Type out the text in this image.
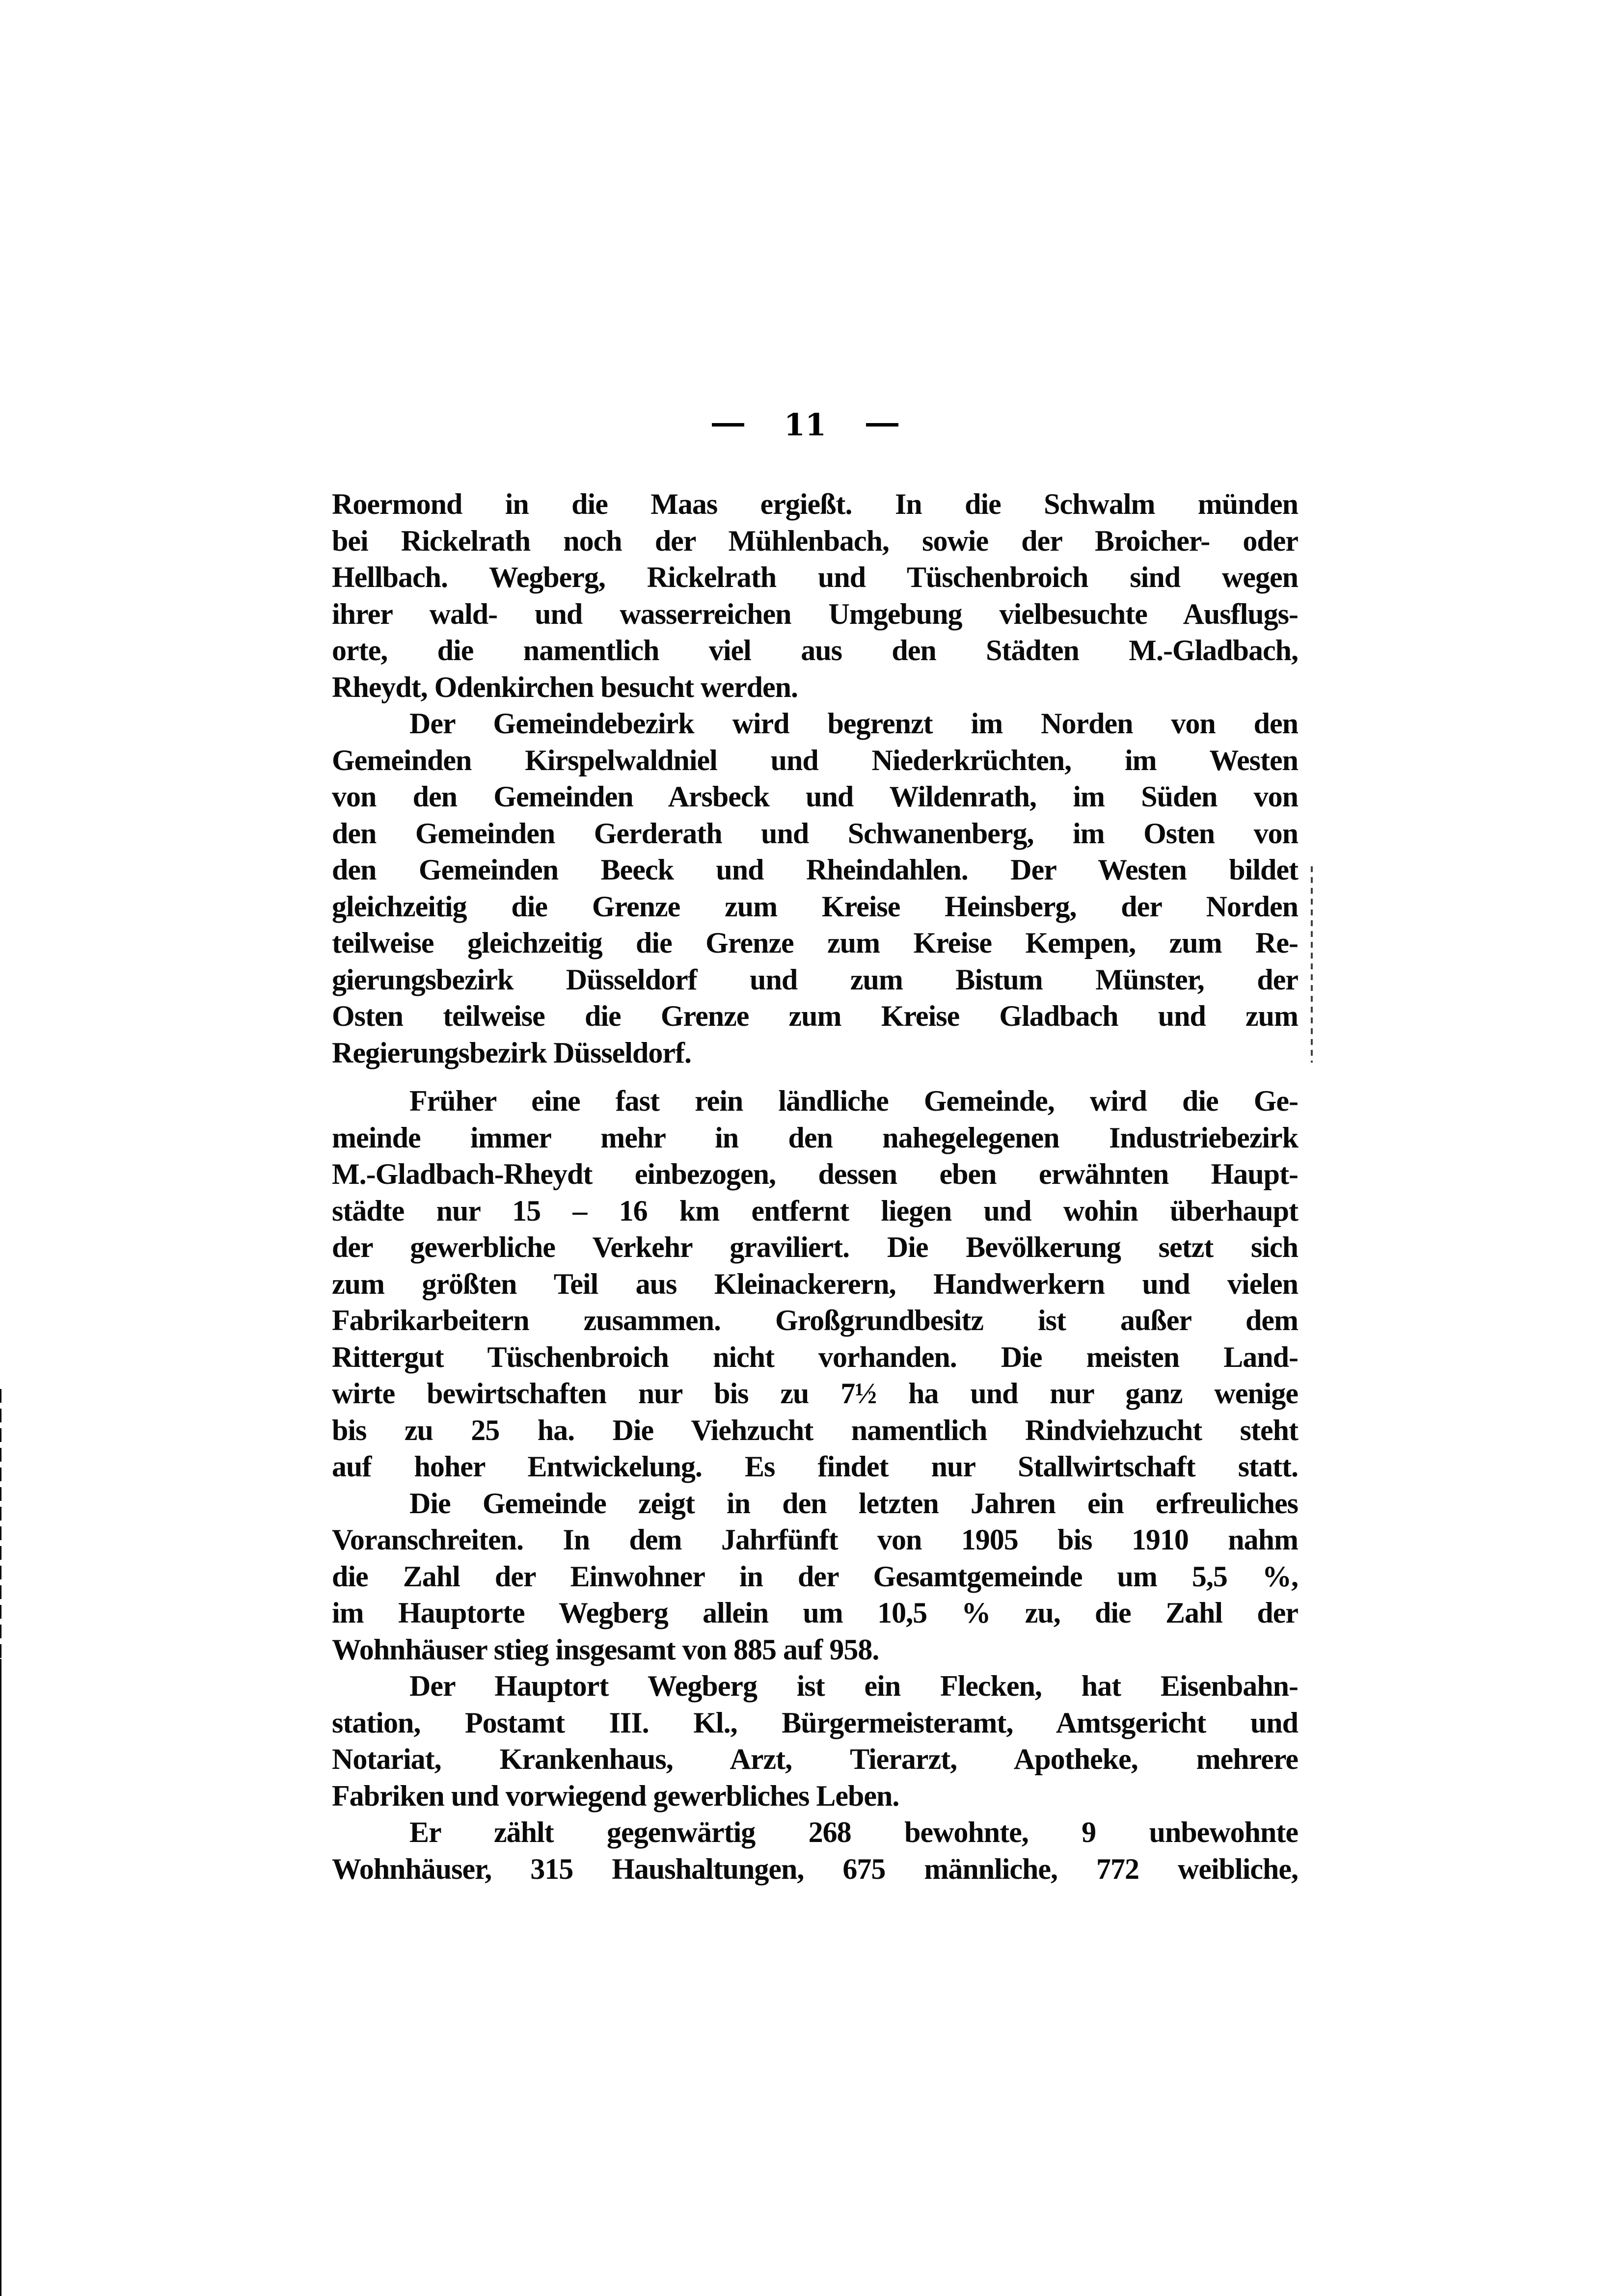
11
Roermond in die Maas ergießt. In die Schwalm münden
bei Rickelrath noch der Mühlenbach, sowie der Broicher- oder
Hellbach. Wegberg, Rickelrath und Tüschenbroich sind wegen
ihrer wald- und wasserreichen Umgebung vielbesuchte Ausflugs-
orte, die namentlich viel aus den Städten M.-Gladbach,
Rheydt, Odenkirchen besucht werden.
Der Gemeindebezirk wird begrenzt im Norden von den
Gemeinden Kirspelwaldniel und Niederkrüchten, im Westen
von den Gemeinden Arsbeck und Wildenrath, im Süden von
den Gemeinden Gerderath und Schwanenberg, im Osten von
den Gemeinden Beeck und Rheindahlen. Der Westen bildet
gleichzeitig die Grenze zum Kreise Heinsberg, der Norden
teilweise gleichzeitig die Grenze zum Kreise Kempen, zum Re-
gierungsbezirk Düsseldorf und zum Bistum Münster, der
Osten teilweise die Grenze zum Kreise Gladbach und zum
Regierungsbezirk Düsseldorf.
Früher eine fast rein ländliche Gemeinde, wird die Ge-
meinde immer mehr in den nahegelegenen Industriebezirk
M.-Gladbach-Rheydt einbezogen, dessen eben erwähnten Haupt-
städte nur 15 – 16 km entfernt liegen und wohin überhaupt
der gewerbliche Verkehr graviliert. Die Bevölkerung setzt sich
zum größten Teil aus Kleinackerern, Handwerkern und vielen
Fabrikarbeitern zusammen. Großgrundbesitz ist außer dem
Rittergut Tüschenbroich nicht vorhanden. Die meisten Land-
wirte bewirtschaften nur bis zu 7½ ha und nur ganz wenige
bis zu 25 ha. Die Viehzucht namentlich Rindviehzucht steht
auf hoher Entwickelung. Es findet nur Stallwirtschaft statt.
Die Gemeinde zeigt in den letzten Jahren ein erfreuliches
Voranschreiten. In dem Jahrfünft von 1905 bis 1910 nahm
die Zahl der Einwohner in der Gesamtgemeinde um 5,5 %,
im Hauptorte Wegberg allein um 10,5 % zu, die Zahl der
Wohnhäuser stieg insgesamt von 885 auf 958.
Der Hauptort Wegberg ist ein Flecken, hat Eisenbahn-
station, Postamt III. Kl., Bürgermeisteramt, Amtsgericht und
Notariat, Krankenhaus, Arzt, Tierarzt, Apotheke, mehrere
Fabriken und vorwiegend gewerbliches Leben.
Er zählt gegenwärtig 268 bewohnte, 9 unbewohnte
Wohnhäuser, 315 Haushaltungen, 675 männliche, 772 weibliche,
